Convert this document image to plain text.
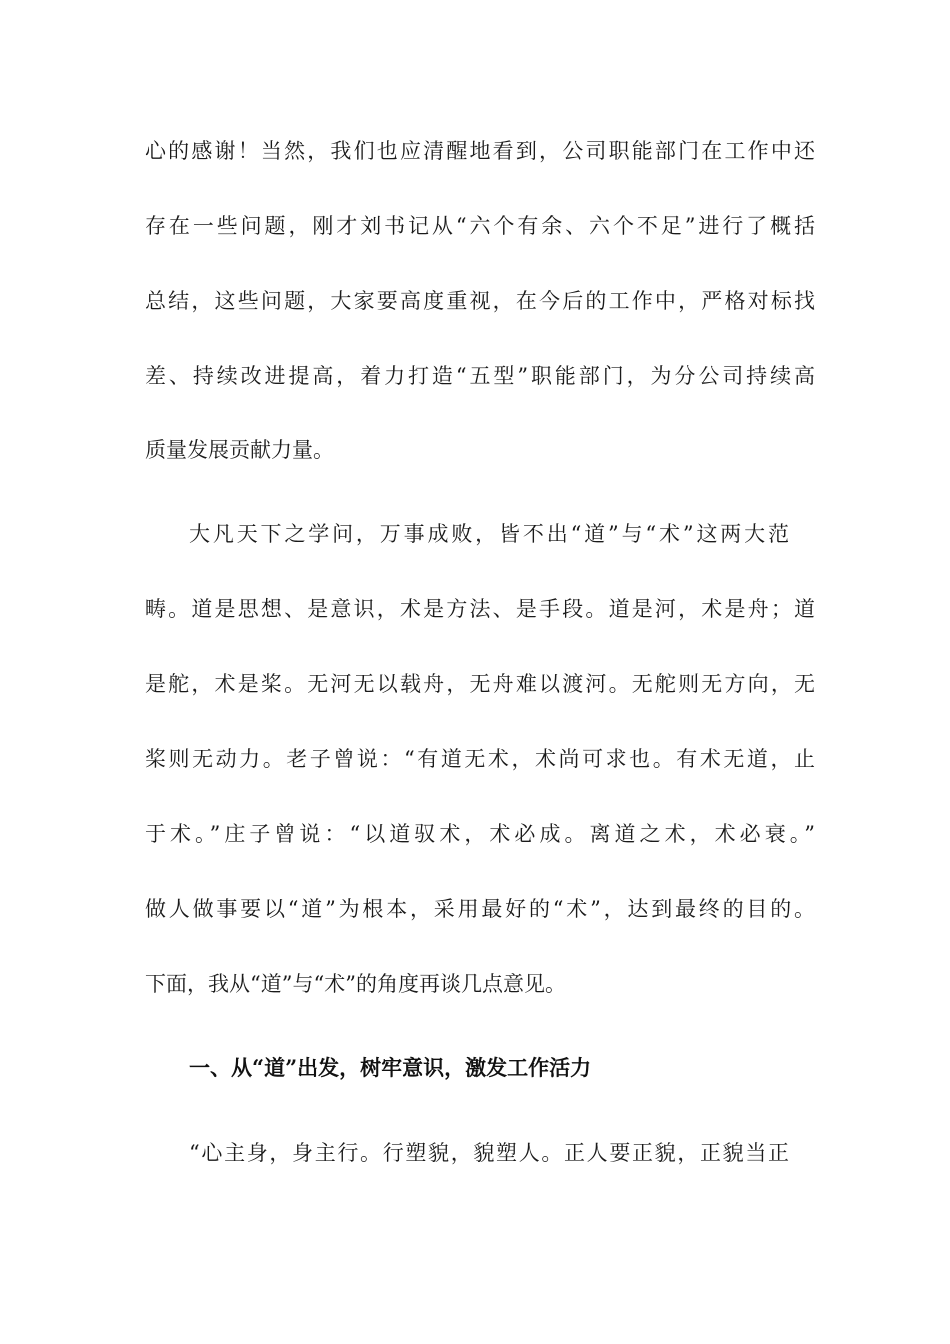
心的感谢！当然，我们也应清醒地看到，公司职能部门在工作中还
存在一些问题，刚才刘书记从“六个有余、六个不足”进行了概括
总结，这些问题，大家要高度重视，在今后的工作中，严格对标找
差、持续改进提高，着力打造“五型”职能部门，为分公司持续高
质量发展贡献力量。
大凡天下之学问，万事成败，皆不出“道”与“术”这两大范
畴。道是思想、是意识，术是方法、是手段。道是河，术是舟；道
是舵，术是桨。无河无以载舟，无舟难以渡河。无舵则无方向，无
桨则无动力。老子曾说：“有道无术，术尚可求也。有术无道，止
于术。”庄子曾说：“以道驭术，术必成。离道之术，术必衰。”
做人做事要以“道”为根本，采用最好的“术”，达到最终的目的。
下面，我从“道”与“术”的角度再谈几点意见。
一、从“道”出发，树牢意识，激发工作活力
“心主身，身主行。行塑貌，貌塑人。正人要正貌，正貌当正
